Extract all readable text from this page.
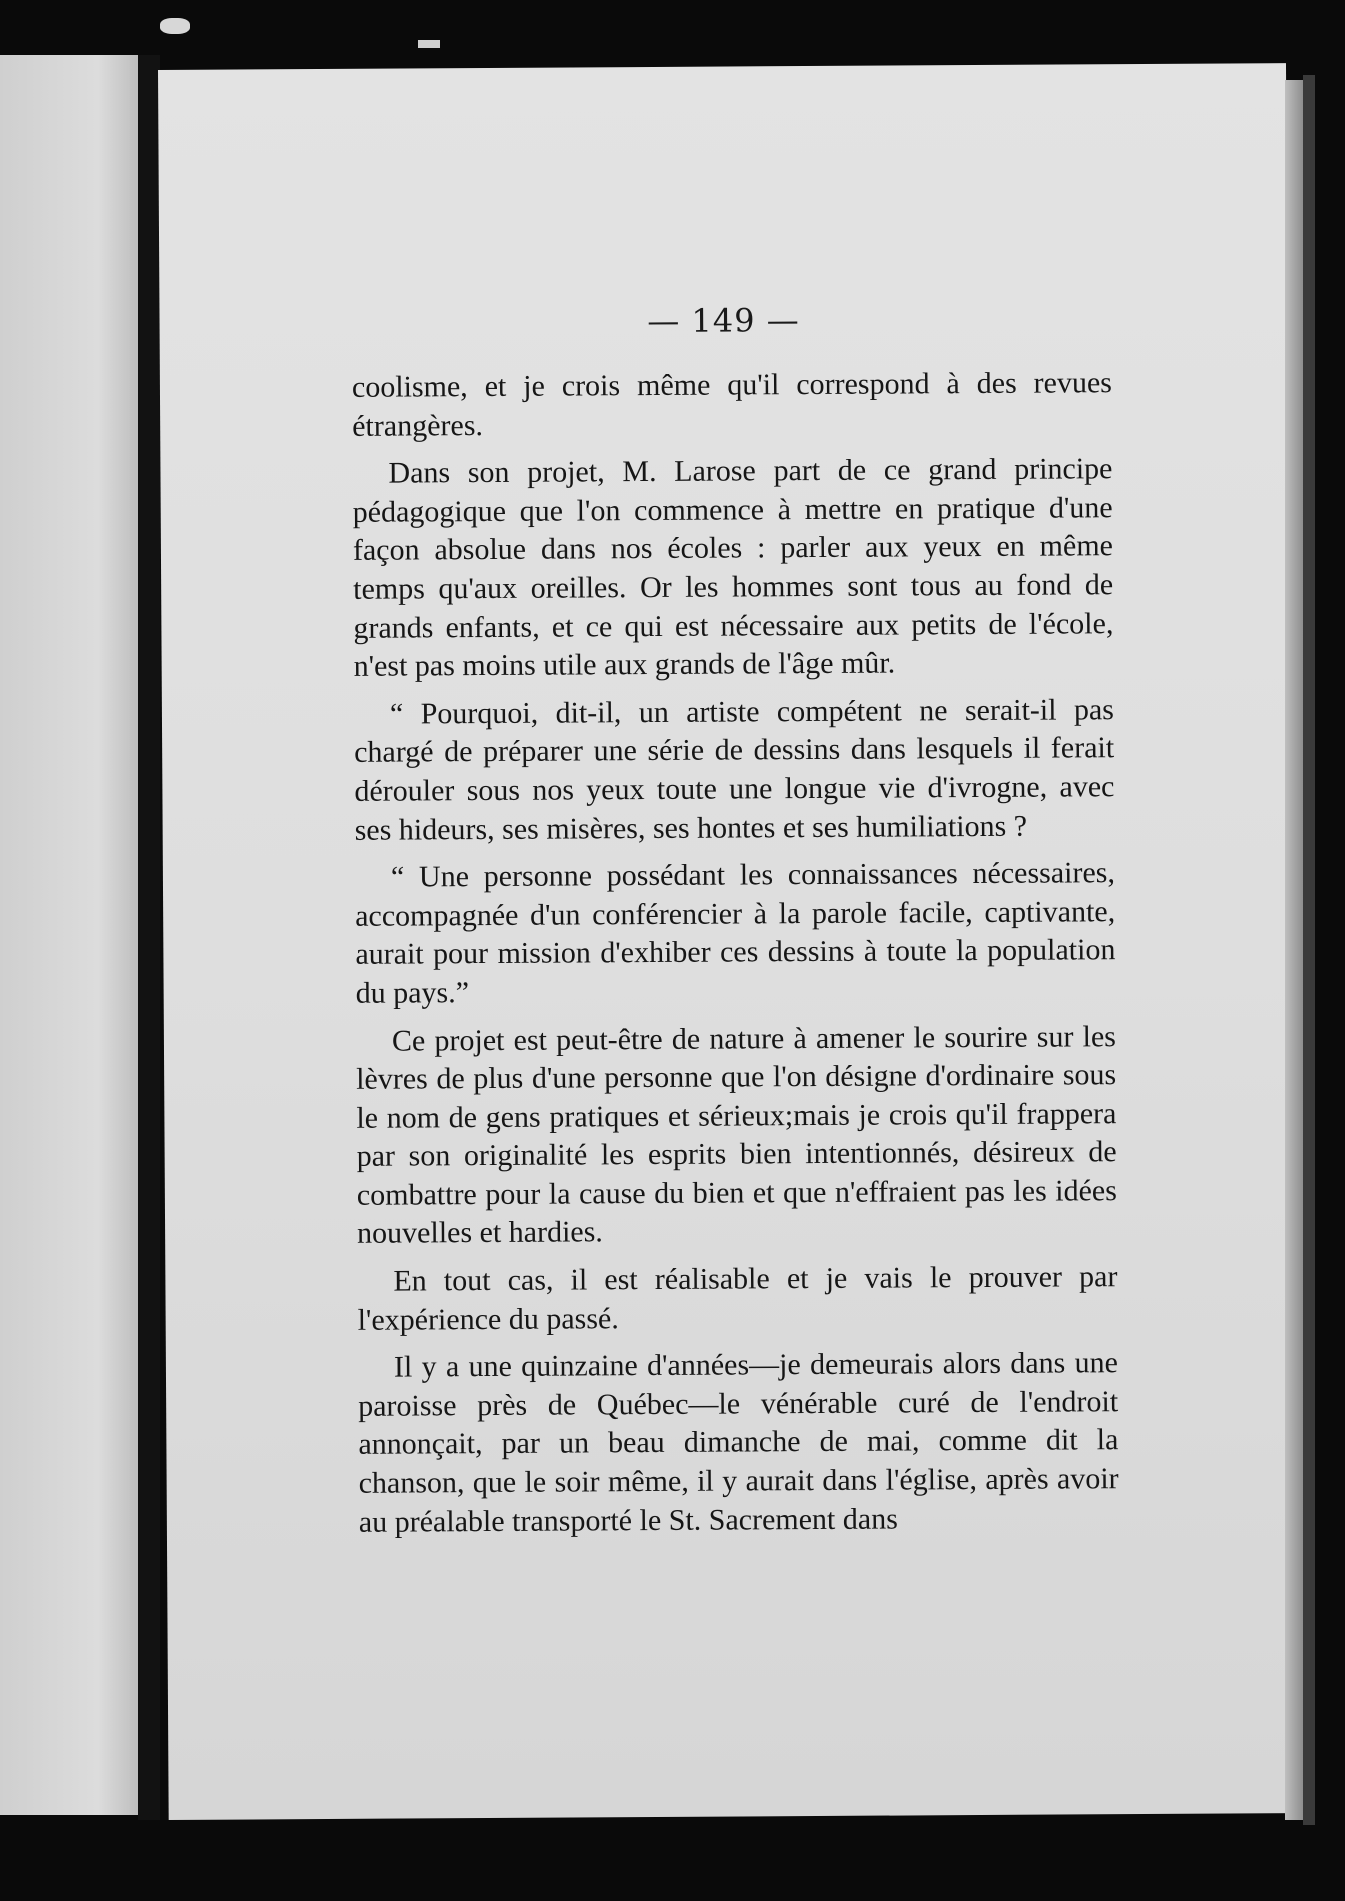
— 149 —

coolisme, et je crois même qu'il correspond à des revues étrangères.

Dans son projet, M. Larose part de ce grand principe pédagogique que l'on commence à mettre en pratique d'une façon absolue dans nos écoles : parler aux yeux en même temps qu'aux oreilles. Or les hommes sont tous au fond de grands enfants, et ce qui est nécessaire aux petits de l'école, n'est pas moins utile aux grands de l'âge mûr.

“ Pourquoi, dit-il, un artiste compétent ne serait-il pas chargé de préparer une série de dessins dans lesquels il ferait dérouler sous nos yeux toute une longue vie d'ivrogne, avec ses hideurs, ses misères, ses hontes et ses humiliations ?

“ Une personne possédant les connaissances nécessaires, accompagnée d'un conférencier à la parole facile, captivante, aurait pour mission d'exhiber ces dessins à toute la population du pays.”

Ce projet est peut-être de nature à amener le sourire sur les lèvres de plus d'une personne que l'on désigne d'ordinaire sous le nom de gens pratiques et sérieux;mais je crois qu'il frappera par son originalité les esprits bien intentionnés, désireux de combattre pour la cause du bien et que n'effraient pas les idées nouvelles et hardies.

En tout cas, il est réalisable et je vais le prouver par l'expérience du passé.

Il y a une quinzaine d'années—je demeurais alors dans une paroisse près de Québec—le vénérable curé de l'endroit annonçait, par un beau dimanche de mai, comme dit la chanson, que le soir même, il y aurait dans l'église, après avoir au préalable transporté le St. Sacrement dans
